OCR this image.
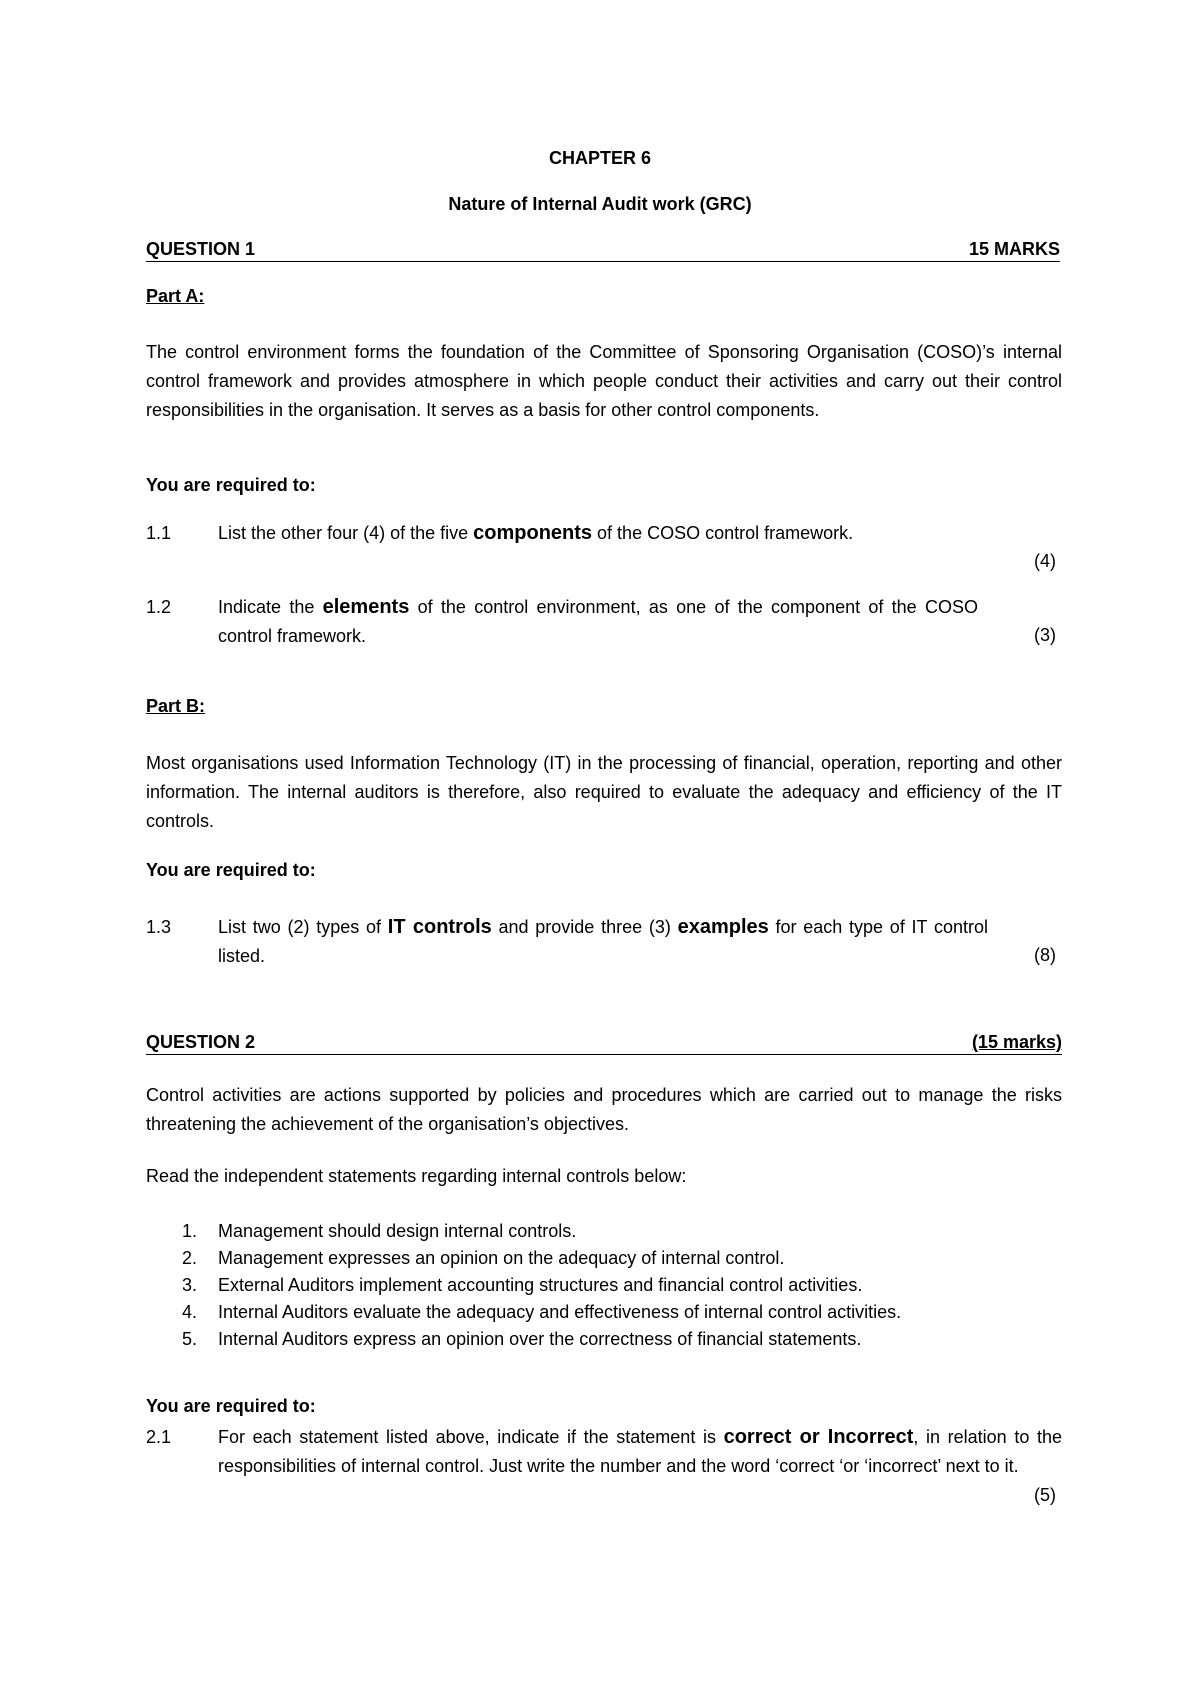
CHAPTER 6
Nature of Internal Audit work (GRC)
QUESTION 1	15 MARKS
Part A:
The control environment forms the foundation of the Committee of Sponsoring Organisation (COSO)’s internal control framework and provides atmosphere in which people conduct their activities and carry out their control responsibilities in the organisation. It serves as a basis for other control components.
You are required to:
1.1	List the other four (4) of the five components of the COSO control framework.
(4)
1.2	Indicate the elements of the control environment, as one of the component of the COSO control framework.	(3)
Part B:
Most organisations used Information Technology (IT) in the processing of financial, operation, reporting and other information. The internal auditors is therefore, also required to evaluate the adequacy and efficiency of the IT controls.
You are required to:
1.3	List two (2) types of IT controls and provide three (3) examples for each type of IT control listed.	(8)
QUESTION 2	(15 marks)
Control activities are actions supported by policies and procedures which are carried out to manage the risks threatening the achievement of the organisation’s objectives.
Read the independent statements regarding internal controls below:
1. Management should design internal controls.
2. Management expresses an opinion on the adequacy of internal control.
3. External Auditors implement accounting structures and financial control activities.
4. Internal Auditors evaluate the adequacy and effectiveness of internal control activities.
5. Internal Auditors express an opinion over the correctness of financial statements.
You are required to:
2.1	For each statement listed above, indicate if the statement is correct or Incorrect, in relation to the responsibilities of internal control. Just write the number and the word ‘correct ‘or ‘incorrect’ next to it.
(5)
